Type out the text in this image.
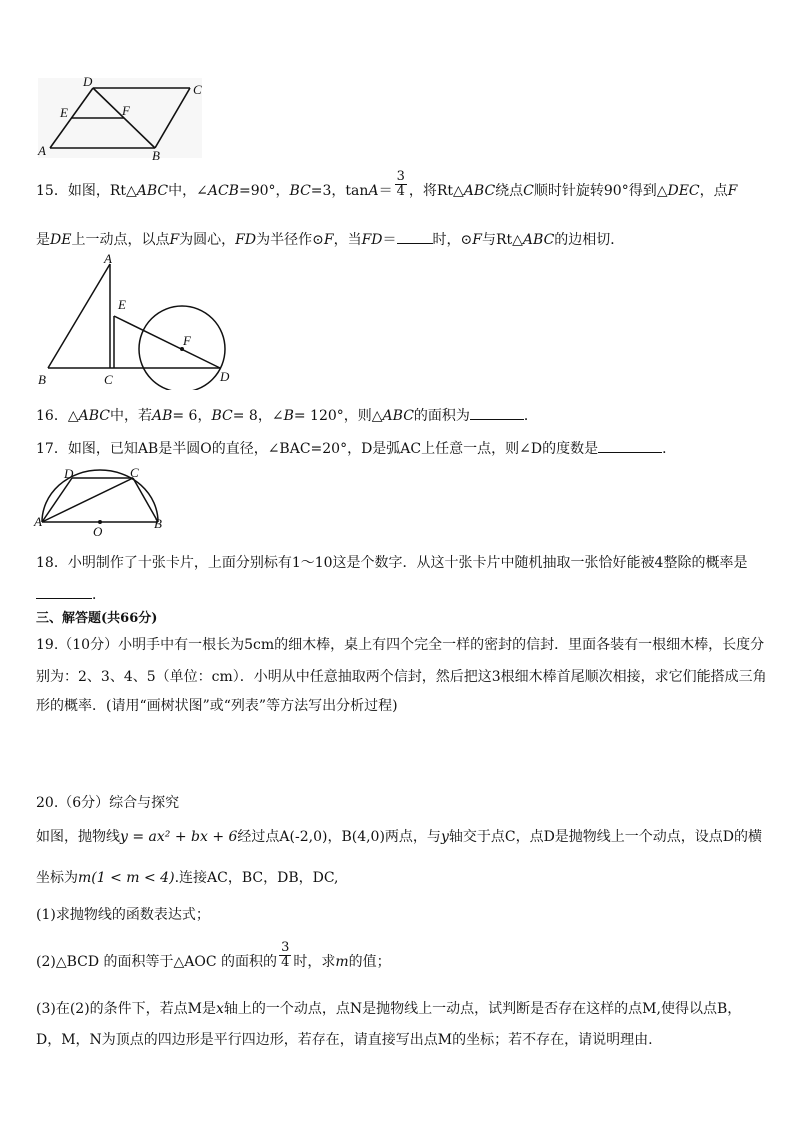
D
C
E	F
A	B
15．如图，Rt△ABC中，∠ACB=90°，BC=3，$\tan A= \frac{3}{4}$ ，将Rt△ABC绕点C顺时针旋转90°得到△DEC，点F
是DE上一动点，以点F为圆心，FD为半径作⊙F，当FD＝	时，⊙F与Rt△ABC的边相切．
A
E
F
B	C	D
16．△ABC中，若AB= 6，BC= 8，∠B= 120°，则△ABC的面积为	．
17．如图，已知AB是半圆O的直径，∠BAC=20°，D是弧AC上任意一点，则∠D的度数是	．
D	C
A
O
B
18．小明制作了十张卡片，上面分别标有1～10这是个数字．从这十张卡片中随机抽取一张恰好能被4整除的概率是
．
三、解答题(共66分)
19.（10分）小明手中有一根长为5cm的细木棒，桌上有四个完全一样的密封的信封．里面各装有一根细木棒，长度分
别为：2、3、4、5（单位：cm）．小明从中任意抽取两个信封，然后把这3根细木棒首尾顺次相接，求它们能搭成三角
形的概率．(请用“画树状图”或“列表”等方法写出分析过程)
20.（6分）综合与探究
如图，抛物线y = ax² + bx + 6经过点A(-2,0)，B(4,0)两点，与y轴交于点C，点D是抛物线上一个动点，设点D的横
坐标为m(1 < m < 4).连接AC，BC，DB，DC,
(1)求抛物线的函数表达式；
(2)△BCD 的面积等于△AOC 的面积的 $\frac{3}{4}$ 时，求m的值；
(3)在(2)的条件下，若点M是x轴上的一个动点，点N是抛物线上一动点，试判断是否存在这样的点M,使得以点B，
D，M，N为顶点的四边形是平行四边形，若存在，请直接写出点M的坐标；若不存在，请说明理由.
